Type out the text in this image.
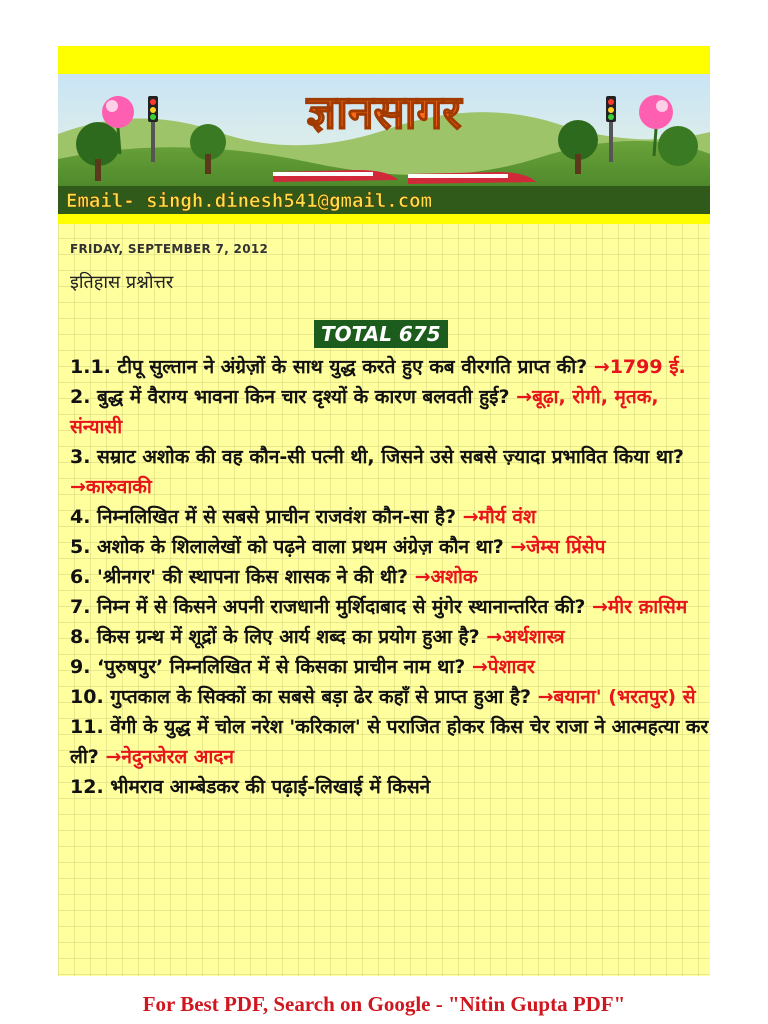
ज्ञानसागर
Email- singh.dinesh541@gmail.com
FRIDAY, SEPTEMBER 7, 2012
इतिहास प्रश्नोत्तर
TOTAL 675
1.1. टीपू सुल्तान ने अंग्रेज़ों के साथ युद्ध करते हुए कब वीरगति प्राप्त की? →1799 ई.
2. बुद्ध में वैराग्य भावना किन चार दृश्यों के कारण बलवती हुई? →बूढ़ा, रोगी, मृतक, संन्यासी
3. सम्राट अशोक की वह कौन-सी पत्नी थी, जिसने उसे सबसे ज़्यादा प्रभावित किया था? →कारुवाकी
4. निम्नलिखित में से सबसे प्राचीन राजवंश कौन-सा है? →मौर्य वंश
5. अशोक के शिलालेखों को पढ़ने वाला प्रथम अंग्रेज़ कौन था? →जेम्स प्रिंसेप
6. 'श्रीनगर' की स्थापना किस शासक ने की थी? →अशोक
7. निम्न में से किसने अपनी राजधानी मुर्शिदाबाद से मुंगेर स्थानान्तरित की? →मीर क़ासिम
8. किस ग्रन्थ में शूद्रों के लिए आर्य शब्द का प्रयोग हुआ है? →अर्थशास्त्र
9. ‘पुरुषपुर’ निम्नलिखित में से किसका प्राचीन नाम था? →पेशावर
10. गुप्तकाल के सिक्कों का सबसे बड़ा ढेर कहाँ से प्राप्त हुआ है? →बयाना' (भरतपुर) से
11. वेंगी के युद्ध में चोल नरेश 'करिकाल' से पराजित होकर किस चेर राजा ने आत्महत्या कर ली? →नेदुनजेरल आदन
12. भीमराव आम्बेडकर की पढ़ाई-लिखाई में किसने
For Best PDF, Search on Google - "Nitin Gupta PDF"
